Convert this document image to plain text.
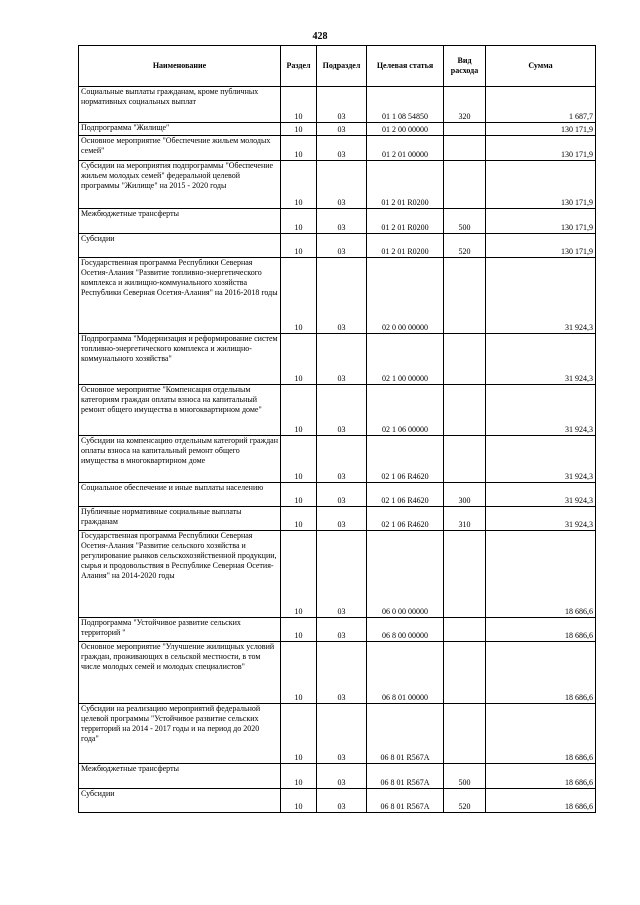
428
Наименование	Раздел	Подраздел	Целевая статья	Вид расхода	Сумма
Социальные выплаты гражданам, кроме публичных нормативных социальных выплат	10	03	01 1 08 54850	320	1 687,7
Подпрограмма "Жилище"	10	03	01 2 00 00000		130 171,9
Основное мероприятие "Обеспечение жильем молодых семей"	10	03	01 2 01 00000		130 171,9
Субсидии на мероприятия подпрограммы "Обеспечение жильем молодых семей" федеральной целевой программы "Жилище" на 2015 - 2020 годы	10	03	01 2 01 R0200		130 171,9
Межбюджетные трансферты	10	03	01 2 01 R0200	500	130 171,9
Субсидии	10	03	01 2 01 R0200	520	130 171,9
Государственная программа Республики Северная Осетия-Алания "Развитие топливно-энергетического комплекса и жилищно-коммунального хозяйства Республики Северная Осетия-Алания" на 2016-2018 годы	10	03	02 0 00 00000		31 924,3
Подпрограмма "Модернизация и реформирование систем топливно-энергетического комплекса и жилищно-коммунального хозяйства"	10	03	02 1 00 00000		31 924,3
Основное мероприятие "Компенсация отдельным категориям граждан оплаты взноса на капитальный ремонт общего имущества в многоквартирном доме"	10	03	02 1 06 00000		31 924,3
Субсидии на компенсацию отдельным категорий граждан оплаты взноса на капитальный ремонт общего имущества в многоквартирном доме	10	03	02 1 06 R4620		31 924,3
Социальное обеспечение и иные выплаты населению	10	03	02 1 06 R4620	300	31 924,3
Публичные нормативные социальные выплаты гражданам	10	03	02 1 06 R4620	310	31 924,3
Государственная программа Республики Северная Осетия-Алания "Развитие сельского хозяйства и регулирование рынков сельскохозяйственной продукции, сырья и продовольствия в Республике Северная Осетия-Алания" на 2014-2020 годы	10	03	06 0 00 00000		18 686,6
Подпрограмма "Устойчивое развитие сельских территорий "	10	03	06 8 00 00000		18 686,6
Основное мероприятие "Улучшение жилищных условий граждан, проживающих в сельской местности, в том числе молодых семей и молодых специалистов"	10	03	06 8 01 00000		18 686,6
Субсидии на реализацию мероприятий федеральной целевой программы "Устойчивое развитие сельских территорий на 2014 - 2017 годы и на период до 2020 года"	10	03	06 8 01 R567A		18 686,6
Межбюджетные трансферты	10	03	06 8 01 R567A	500	18 686,6
Субсидии	10	03	06 8 01 R567A	520	18 686,6
